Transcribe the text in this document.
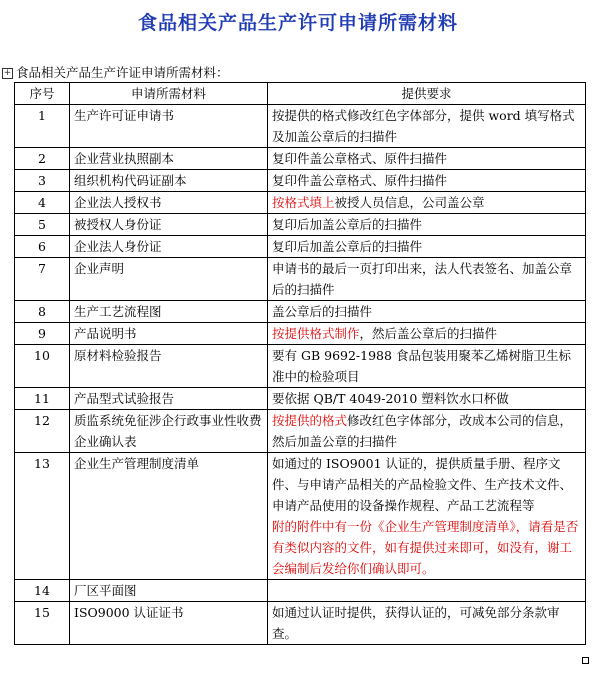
食品相关产品生产许可申请所需材料
+ 食品相关产品生产许证申请所需材料：
序号	申请所需材料	提供要求
1	生产许可证申请书	按提供的格式修改红色字体部分，提供 word 填写格式及加盖公章后的扫描件
2	企业营业执照副本	复印件盖公章格式、原件扫描件
3	组织机构代码证副本	复印件盖公章格式、原件扫描件
4	企业法人授权书	按格式填上被授人员信息，公司盖公章
5	被授权人身份证	复印后加盖公章后的扫描件
6	企业法人身份证	复印后加盖公章后的扫描件
7	企业声明	申请书的最后一页打印出来，法人代表签名、加盖公章后的扫描件
8	生产工艺流程图	盖公章后的扫描件
9	产品说明书	按提供格式制作，然后盖公章后的扫描件
10	原材料检验报告	要有 GB 9692-1988 食品包装用聚苯乙烯树脂卫生标准中的检验项目
11	产品型式试验报告	要依据 QB/T 4049-2010 塑料饮水口杯做
12	质监系统免征涉企行政事业性收费企业确认表	按提供的格式修改红色字体部分，改成本公司的信息，然后加盖公章的扫描件
13	企业生产管理制度清单	如通过的 ISO9001 认证的，提供质量手册、程序文件、与申请产品相关的产品检验文件、生产技术文件、申请产品使用的设备操作规程、产品工艺流程等
附的附件中有一份《企业生产管理制度清单》，请看是否有类似内容的文件，如有提供过来即可，如没有，谢工会编制后发给你们确认即可。

14	厂区平面图	
15	ISO9000 认证证书	如通过认证时提供，获得认证的，可减免部分条款审查。
